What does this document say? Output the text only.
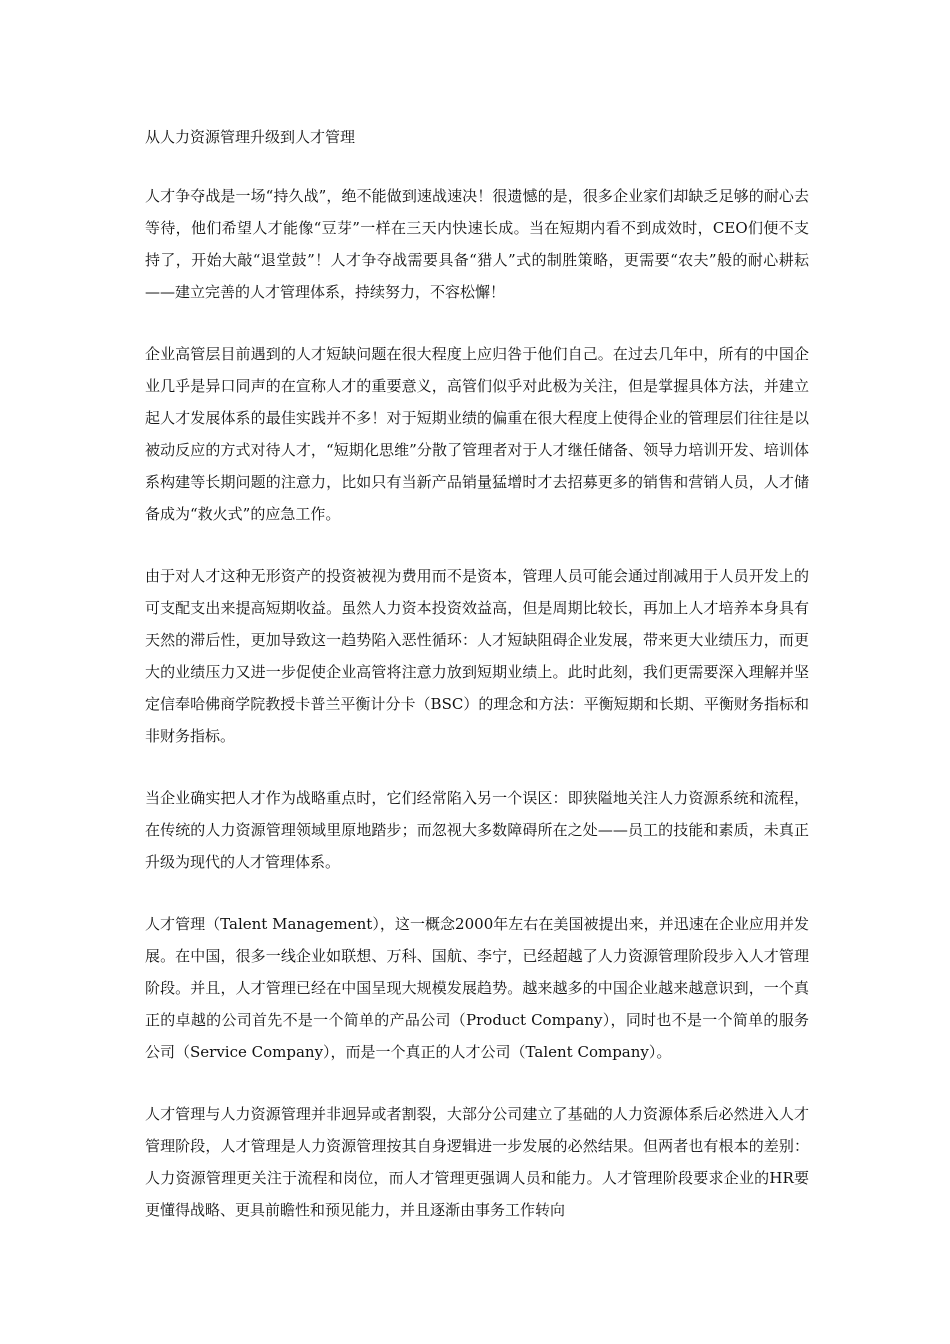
从人力资源管理升级到人才管理

人才争夺战是一场“持久战”，绝不能做到速战速决！很遗憾的是，很多企业家们却缺乏足够的耐心去等待，他们希望人才能像“豆芽”一样在三天内快速长成。当在短期内看不到成效时，CEO们便不支持了，开始大敲“退堂鼓”！人才争夺战需要具备“猎人”式的制胜策略，更需要“农夫”般的耐心耕耘——建立完善的人才管理体系，持续努力，不容松懈！

企业高管层目前遇到的人才短缺问题在很大程度上应归咎于他们自己。在过去几年中，所有的中国企业几乎是异口同声的在宣称人才的重要意义，高管们似乎对此极为关注，但是掌握具体方法，并建立起人才发展体系的最佳实践并不多！对于短期业绩的偏重在很大程度上使得企业的管理层们往往是以被动反应的方式对待人才，“短期化思维”分散了管理者对于人才继任储备、领导力培训开发、培训体系构建等长期问题的注意力，比如只有当新产品销量猛增时才去招募更多的销售和营销人员，人才储备成为“救火式”的应急工作。

由于对人才这种无形资产的投资被视为费用而不是资本，管理人员可能会通过削减用于人员开发上的可支配支出来提高短期收益。虽然人力资本投资效益高，但是周期比较长，再加上人才培养本身具有天然的滞后性，更加导致这一趋势陷入恶性循环：人才短缺阻碍企业发展，带来更大业绩压力，而更大的业绩压力又进一步促使企业高管将注意力放到短期业绩上。此时此刻，我们更需要深入理解并坚定信奉哈佛商学院教授卡普兰平衡计分卡（BSC）的理念和方法：平衡短期和长期、平衡财务指标和非财务指标。

当企业确实把人才作为战略重点时，它们经常陷入另一个误区：即狭隘地关注人力资源系统和流程，在传统的人力资源管理领域里原地踏步；而忽视大多数障碍所在之处——员工的技能和素质，未真正升级为现代的人才管理体系。

人才管理（Talent Management），这一概念2000年左右在美国被提出来，并迅速在企业应用并发展。在中国，很多一线企业如联想、万科、国航、李宁，已经超越了人力资源管理阶段步入人才管理阶段。并且，人才管理已经在中国呈现大规模发展趋势。越来越多的中国企业越来越意识到，一个真正的卓越的公司首先不是一个简单的产品公司（Product Company），同时也不是一个简单的服务公司（Service Company），而是一个真正的人才公司（Talent Company）。

人才管理与人力资源管理并非迥异或者割裂，大部分公司建立了基础的人力资源体系后必然进入人才管理阶段，人才管理是人力资源管理按其自身逻辑进一步发展的必然结果。但两者也有根本的差别：人力资源管理更关注于流程和岗位，而人才管理更强调人员和能力。人才管理阶段要求企业的HR要更懂得战略、更具前瞻性和预见能力，并且逐渐由事务工作转向
